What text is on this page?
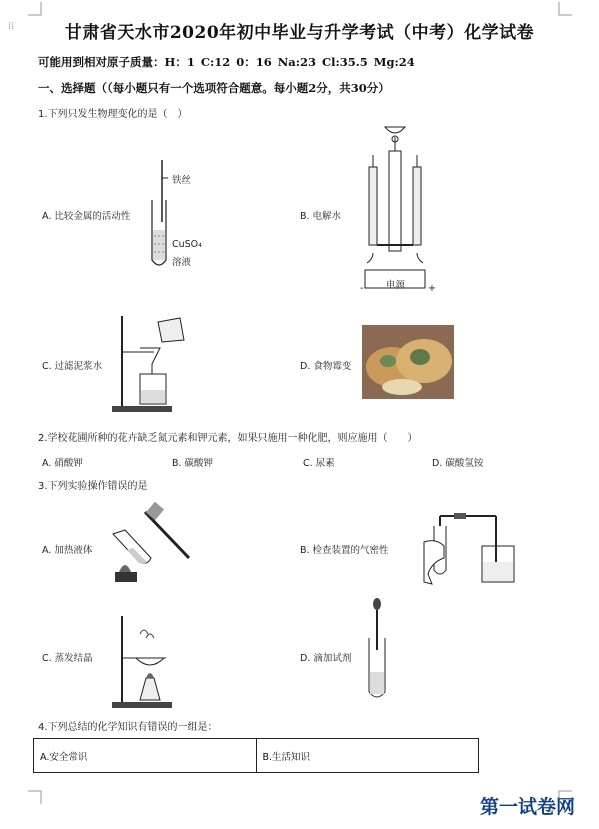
⁞⁞	甘肃省天水市2020年初中毕业与升学考试（中考）化学试卷
可能用到相对原子质量：H：1 C:12 0：16 Na:23 Cl:35.5 Mg:24
一、选择题（（每小题只有一个选项符合题意。每小题2分，共30分）
1.下列只发生物理变化的是（　）
A. 比较金属的活动性
铁丝
CuSO₄
溶液
B. 电解水
电源
-	+
C. 过滤泥浆水	D. 食物霉变
2.学校花圃所种的花卉缺乏氮元素和钾元素，如果只施用一种化肥，则应施用（　　）
A. 硝酸钾	B. 碳酸钾	C. 尿素	D. 碳酸氢铵
3.下列实验操作错误的是
A. 加热液体	B. 检查装置的气密性
C. 蒸发结晶	D. 滴加试剂
4.下列总结的化学知识有错误的一组是：
A.安全常识	B.生活知识
第一试卷网
